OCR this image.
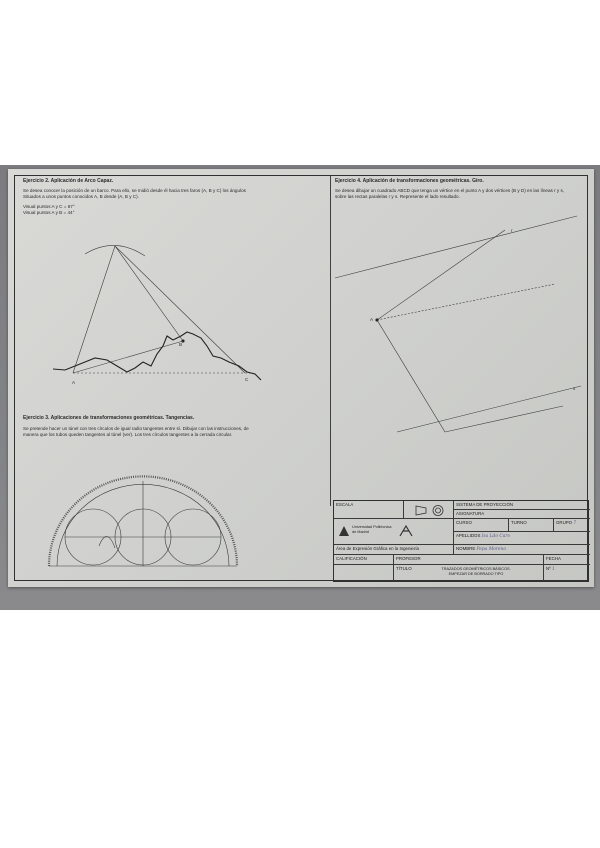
Ejercicio 2. Aplicación de Arco Capaz.
Se desea conocer la posición de un barco. Para ello, se midió desde él hacia tres faros (A, B y C) los ángulos
Situados a unos puntos conocidos A, B desde (A, B y C).
Visual puntos A y C = 67°
Visual puntos A y B = 44°
A
B
C
Ejercicio 3. Aplicaciones de transformaciones geométricas. Tangencias.
Se pretende hacer un túnel con tres círculos de igual radio tangentes entre sí. Dibujar con las instrucciones, de
manera que los tubos queden tangentes al túnel (ver). Los tres círculos tangentes a la cerrada circular.
Ejercicio 4. Aplicación de transformaciones geométricas. Giro.
Se desea dibujar un cuadrado ABCD que tenga un vértice en el punto A y dos vértices (B y D) en las líneas r y s,
sobre las rectas paralelas r y s. Represente el lado resultado.
r
s
A
ESCALA	SISTEMA DE PROYECCIÓN
ASIGNATURA
Universidad Politécnica de Madrid
CURSO	TURNO	GRUPO 7
APELLIDOS Isa Ldo Caro
Área de Expresión Gráfica en la Ingeniería	NOMBRE Pepa Moreno
CALIFICACIÓN	PROFESOR	FECHA
TÍTULO	TRAZADOS GEOMÉTRICOS BÁSICOS. EMPEZAR DE BORRADO TIPO
Nº 1
